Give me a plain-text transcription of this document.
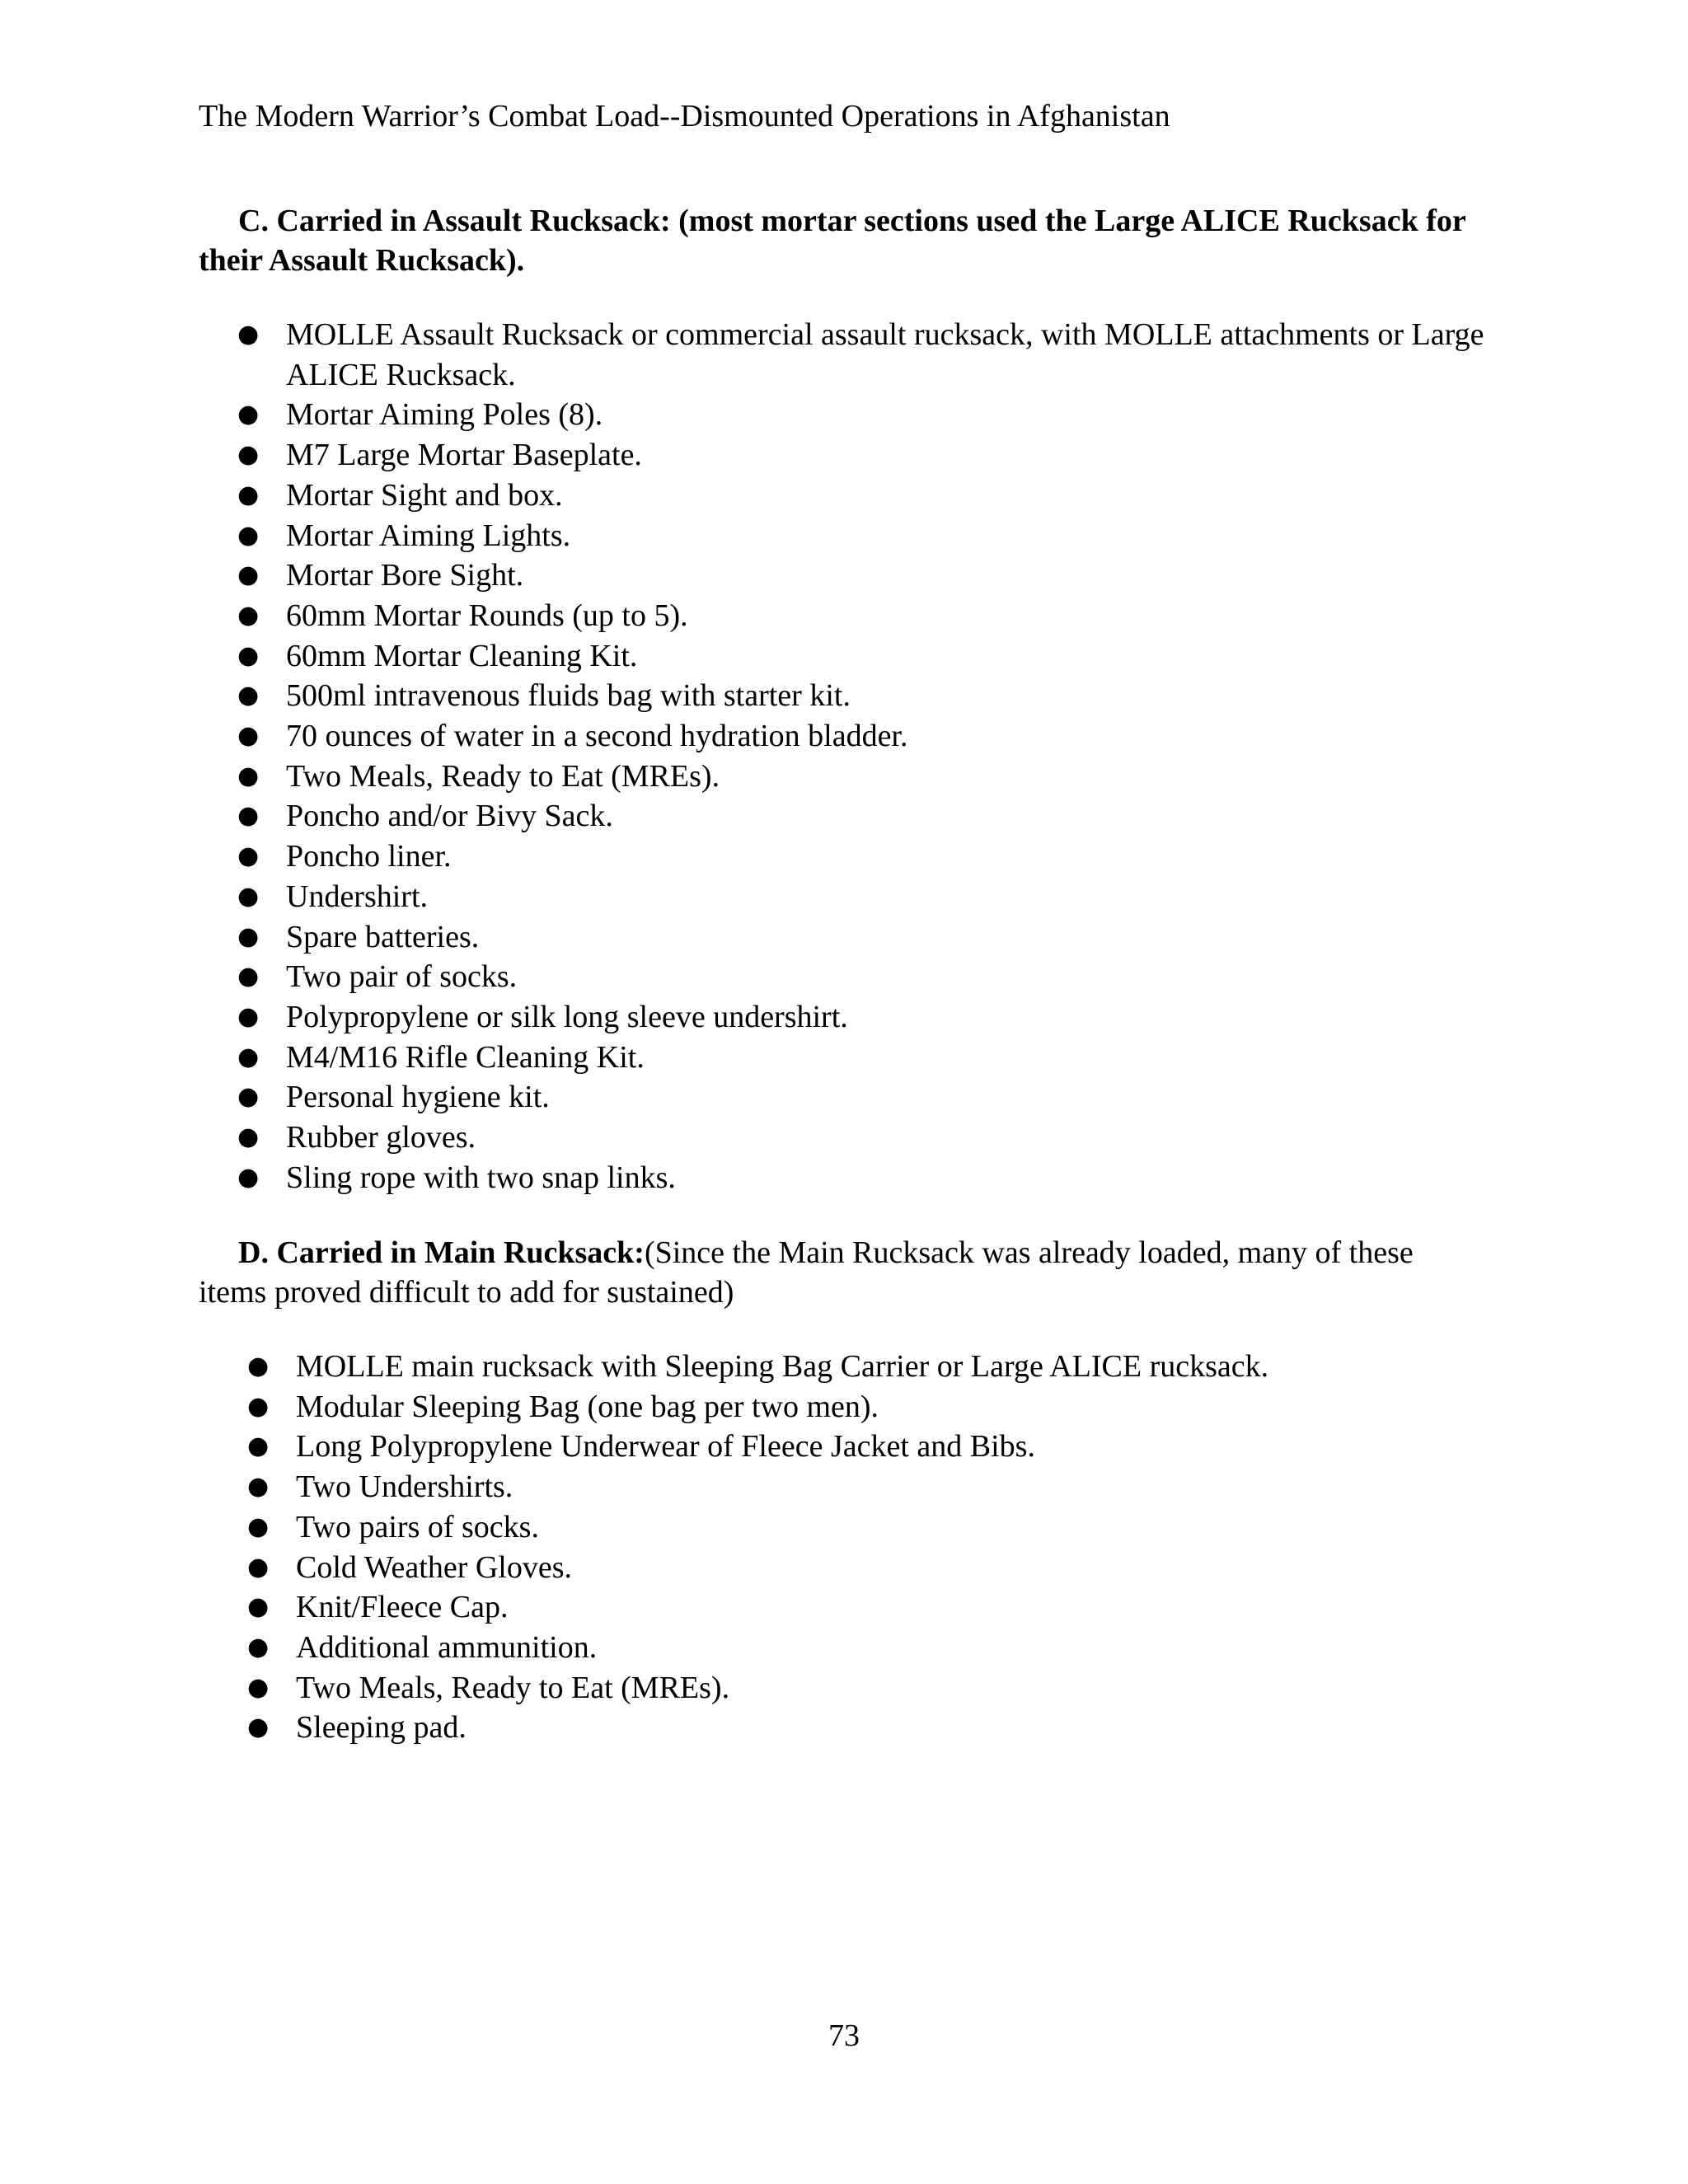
The Modern Warrior’s Combat Load--Dismounted Operations in Afghanistan

C. Carried in Assault Rucksack: (most mortar sections used the Large ALICE Rucksack for their Assault Rucksack).

● MOLLE Assault Rucksack or commercial assault rucksack, with MOLLE attachments or Large ALICE Rucksack.
● Mortar Aiming Poles (8).
● M7 Large Mortar Baseplate.
● Mortar Sight and box.
● Mortar Aiming Lights.
● Mortar Bore Sight.
● 60mm Mortar Rounds (up to 5).
● 60mm Mortar Cleaning Kit.
● 500ml intravenous fluids bag with starter kit.
● 70 ounces of water in a second hydration bladder.
● Two Meals, Ready to Eat (MREs).
● Poncho and/or Bivy Sack.
● Poncho liner.
● Undershirt.
● Spare batteries.
● Two pair of socks.
● Polypropylene or silk long sleeve undershirt.
● M4/M16 Rifle Cleaning Kit.
● Personal hygiene kit.
● Rubber gloves.
● Sling rope with two snap links.

D. Carried in Main Rucksack:(Since the Main Rucksack was already loaded, many of these items proved difficult to add for sustained)

● MOLLE main rucksack with Sleeping Bag Carrier or Large ALICE rucksack.
● Modular Sleeping Bag (one bag per two men).
● Long Polypropylene Underwear of Fleece Jacket and Bibs.
● Two Undershirts.
● Two pairs of socks.
● Cold Weather Gloves.
● Knit/Fleece Cap.
● Additional ammunition.
● Two Meals, Ready to Eat (MREs).
● Sleeping pad.
73
